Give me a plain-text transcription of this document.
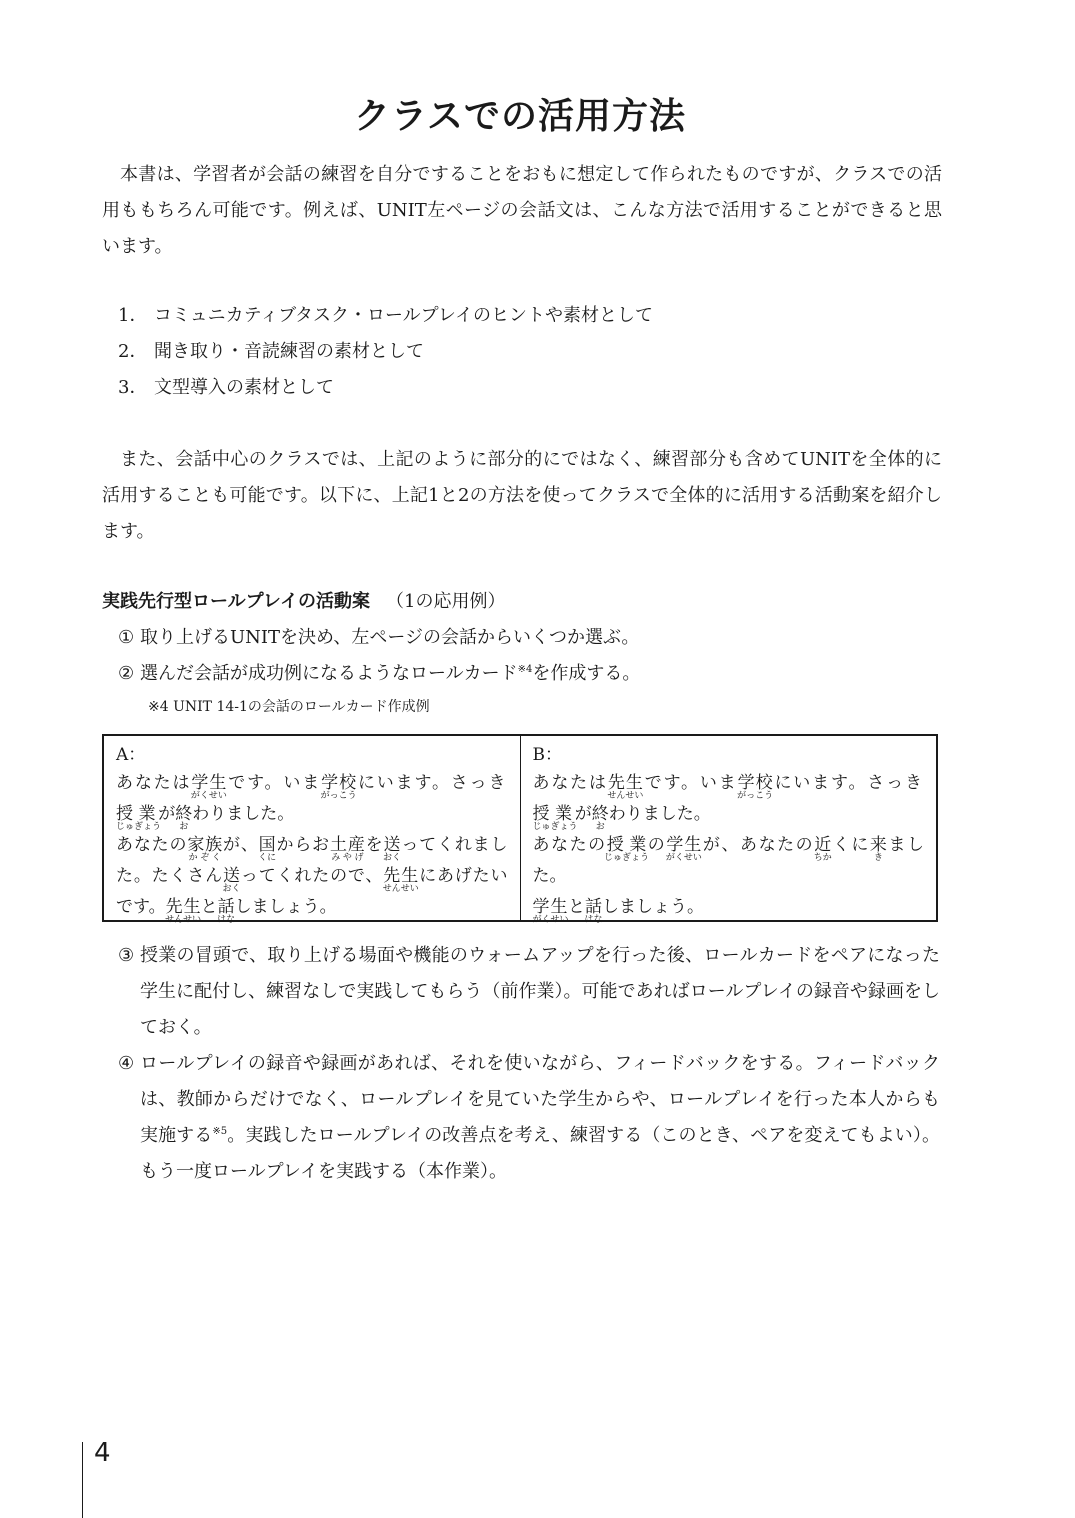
クラスでの活用方法

本書は、学習者が会話の練習を自分ですることをおもに想定して作られたものですが、クラスでの活用ももちろん可能です。例えば、UNIT左ページの会話文は、こんな方法で活用することができると思います。

1． コミュニカティブタスク・ロールプレイのヒントや素材として
2． 聞き取り・音読練習の素材として
3． 文型導入の素材として

また、会話中心のクラスでは、上記のように部分的にではなく、練習部分も含めてUNITを全体的に活用することも可能です。以下に、上記1と2の方法を使ってクラスで全体的に活用する活動案を紹介します。

実践先行型ロールプレイの活動案 （1の応用例）

① 取り上げるUNITを決め、左ページの会話からいくつか選ぶ。
② 選んだ会話が成功例になるようなロールカード$^{※4}$を作成する。

※4 UNIT 14-1の会話のロールカード作成例

A：

あなたは学生がくせいです。いま学校がっこうにいます。さっき授業じゅぎょうが終おわりました。
あなたの家族かぞくが、国くにからお土産みやげを送おくってくれました。たくさん送おくってくれたので、先生せんせいにあげたいです。先生せんせいと話はなしましょう。

B：

あなたは先生せんせいです。いま学校がっこうにいます。さっき授業じゅぎょうが終おわりました。
あなたの授業じゅぎょうの学生がくせいが、あなたの近ちかくに来きました。
学生がくせいと話はなしましょう。

③ 授業の冒頭で、取り上げる場面や機能のウォームアップを行った後、ロールカードをペアになった学生に配付し、練習なしで実践してもらう（前作業）。可能であればロールプレイの録音や録画をしておく。
④ ロールプレイの録音や録画があれば、それを使いながら、フィードバックをする。フィードバックは、教師からだけでなく、ロールプレイを見ていた学生からや、ロールプレイを行った本人からも実施する$^{※5}$。実践したロールプレイの改善点を考え、練習する（このとき、ペアを変えてもよい）。もう一度ロールプレイを実践する（本作業）。
4
